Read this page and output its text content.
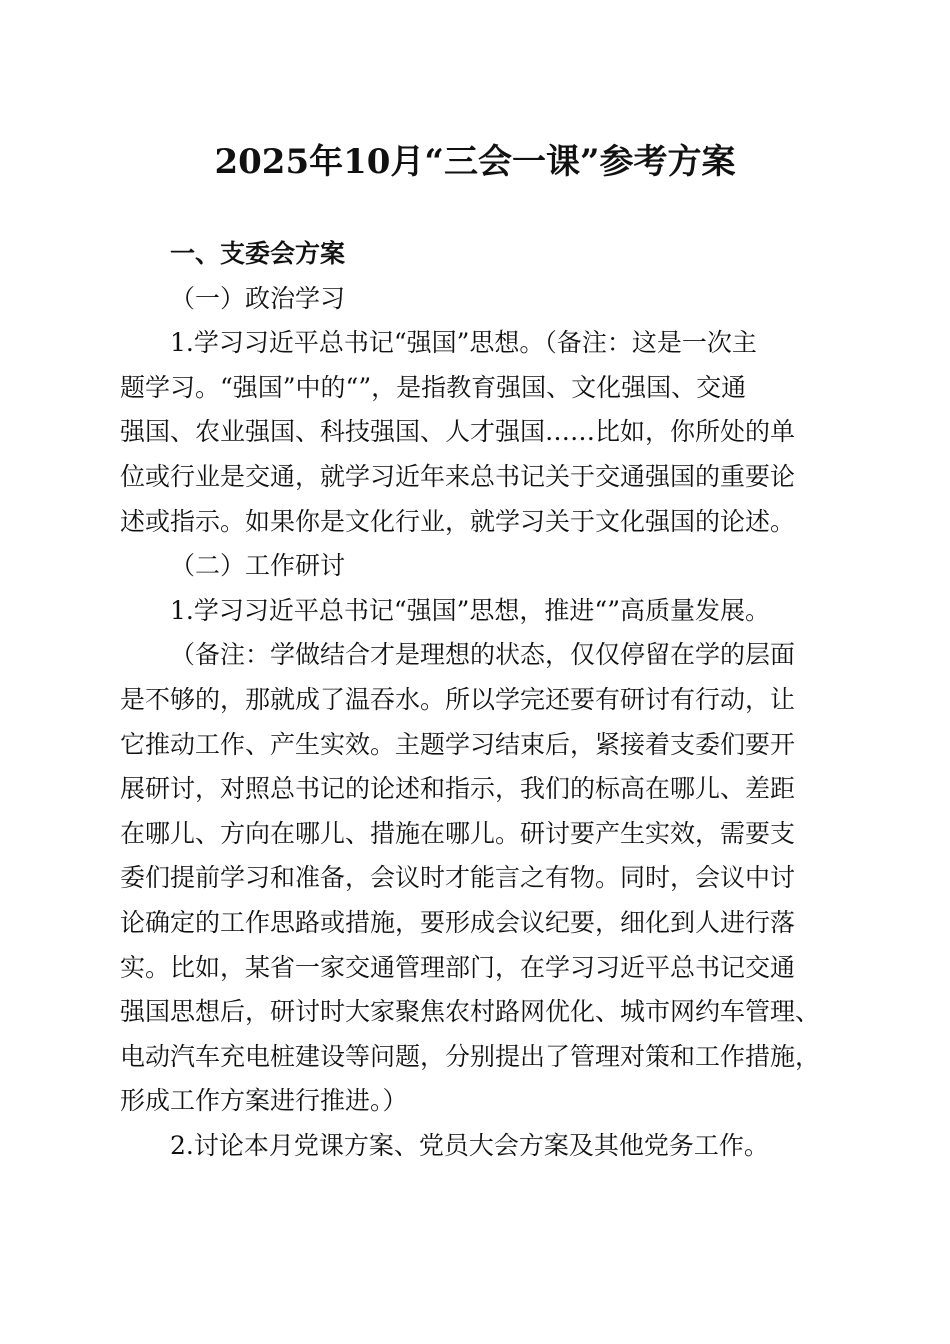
2025年10月“三会一课”参考方案
一、支委会方案
（一）政治学习
1.学习习近平总书记“强国”思想。（备注：这是一次主
题学习。“强国”中的“”，是指教育强国、文化强国、交通
强国、农业强国、科技强国、人才强国……比如，你所处的单
位或行业是交通，就学习近年来总书记关于交通强国的重要论
述或指示。如果你是文化行业，就学习关于文化强国的论述。
（二）工作研讨
1.学习习近平总书记“强国”思想，推进“”高质量发展。
（备注：学做结合才是理想的状态，仅仅停留在学的层面
是不够的，那就成了温吞水。所以学完还要有研讨有行动，让
它推动工作、产生实效。主题学习结束后，紧接着支委们要开
展研讨，对照总书记的论述和指示，我们的标高在哪儿、差距
在哪儿、方向在哪儿、措施在哪儿。研讨要产生实效，需要支
委们提前学习和准备，会议时才能言之有物。同时，会议中讨
论确定的工作思路或措施，要形成会议纪要，细化到人进行落
实。比如，某省一家交通管理部门，在学习习近平总书记交通
强国思想后，研讨时大家聚焦农村路网优化、城市网约车管理、
电动汽车充电桩建设等问题，分别提出了管理对策和工作措施，
形成工作方案进行推进。）
2.讨论本月党课方案、党员大会方案及其他党务工作。
